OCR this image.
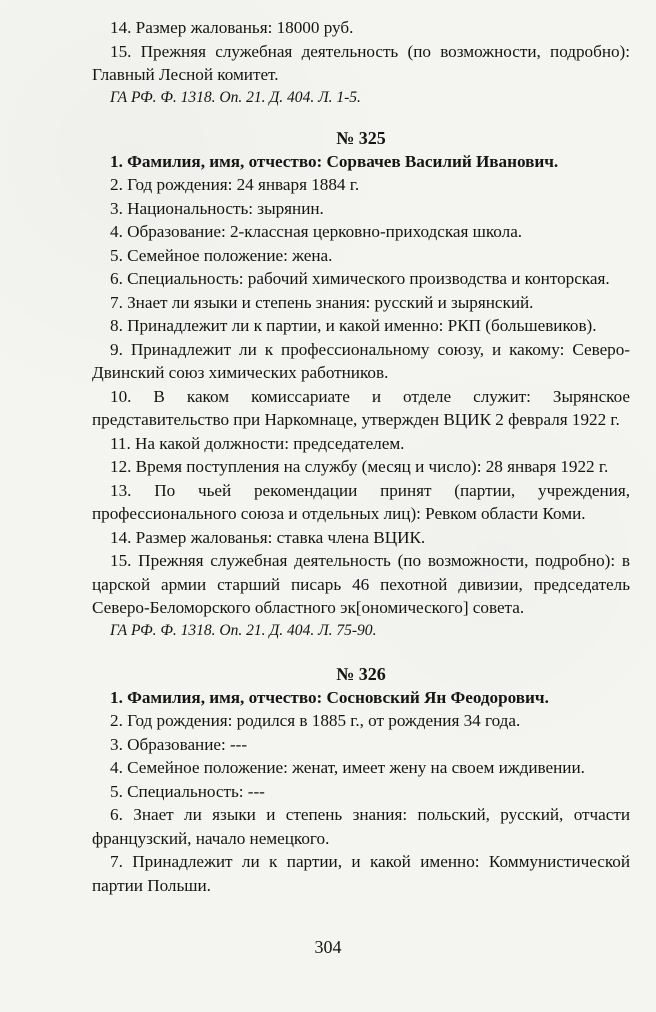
14. Размер жалованья: 18000 руб.

15. Прежняя служебная деятельность (по возможности, подробно): Главный Лесной комитет.

ГА РФ. Ф. 1318. Оп. 21. Д. 404. Л. 1-5.

№ 325

1. Фамилия, имя, отчество: Сорвачев Василий Иванович.

2. Год рождения: 24 января 1884 г.

3. Национальность: зырянин.

4. Образование: 2-классная церковно-приходская школа.

5. Семейное положение: жена.

6. Специальность: рабочий химического производства и конторская.

7. Знает ли языки и степень знания: русский и зырянский.

8. Принадлежит ли к партии, и какой именно: РКП (большевиков).

9. Принадлежит ли к профессиональному союзу, и какому: Северо-Двинский союз химических работников.

10. В каком комиссариате и отделе служит: Зырянское представительство при Наркомнаце, утвержден ВЦИК 2 февраля 1922 г.

11. На какой должности: председателем.

12. Время поступления на службу (месяц и число): 28 января 1922 г.

13. По чьей рекомендации принят (партии, учреждения, профессионального союза и отдельных лиц): Ревком области Коми.

14. Размер жалованья: ставка члена ВЦИК.

15. Прежняя служебная деятельность (по возможности, подробно): в царской армии старший писарь 46 пехотной дивизии, председатель Северо-Беломорского областного эк[ономического] совета.

ГА РФ. Ф. 1318. Оп. 21. Д. 404. Л. 75-90.

№ 326

1. Фамилия, имя, отчество: Сосновский Ян Феодорович.

2. Год рождения: родился в 1885 г., от рождения 34 года.

3. Образование: ---

4. Семейное положение: женат, имеет жену на своем иждивении.

5. Специальность: ---

6. Знает ли языки и степень знания: польский, русский, отчасти французский, начало немецкого.

7. Принадлежит ли к партии, и какой именно: Коммунистической партии Польши.

304
